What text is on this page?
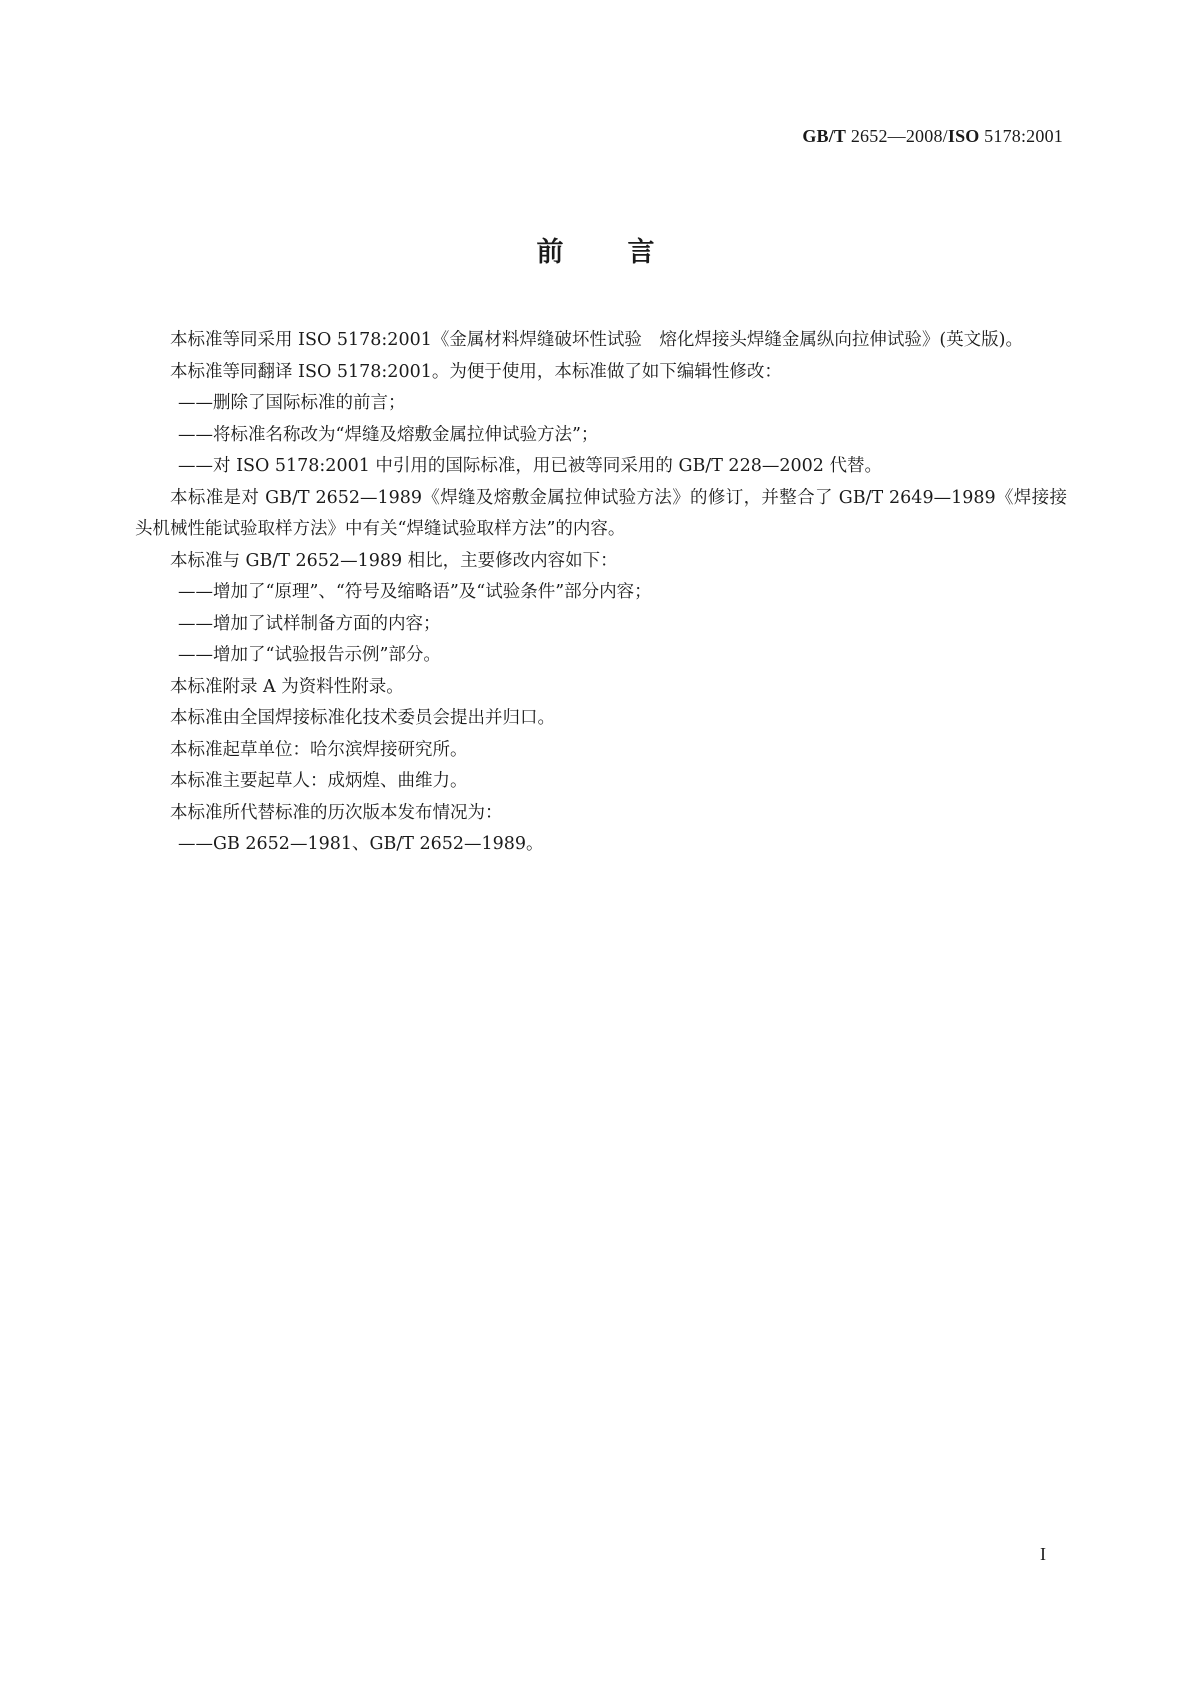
GB/T 2652—2008/ISO 5178:2001
前 言

本标准等同采用 ISO 5178:2001《金属材料焊缝破坏性试验　熔化焊接头焊缝金属纵向拉伸试验》(英文版)。

本标准等同翻译 ISO 5178:2001。为便于使用，本标准做了如下编辑性修改：

——删除了国际标准的前言；

——将标准名称改为“焊缝及熔敷金属拉伸试验方法”；

——对 ISO 5178:2001 中引用的国际标准，用已被等同采用的 GB/T 228—2002 代替。

本标准是对 GB/T 2652—1989《焊缝及熔敷金属拉伸试验方法》的修订，并整合了 GB/T 2649—1989《焊接接头机械性能试验取样方法》中有关“焊缝试验取样方法”的内容。

本标准与 GB/T 2652—1989 相比，主要修改内容如下：

——增加了“原理”、“符号及缩略语”及“试验条件”部分内容；

——增加了试样制备方面的内容；

——增加了“试验报告示例”部分。

本标准附录 A 为资料性附录。

本标准由全国焊接标准化技术委员会提出并归口。

本标准起草单位：哈尔滨焊接研究所。

本标准主要起草人：成炳煌、曲维力。

本标准所代替标准的历次版本发布情况为：

——GB 2652—1981、GB/T 2652—1989。

I
